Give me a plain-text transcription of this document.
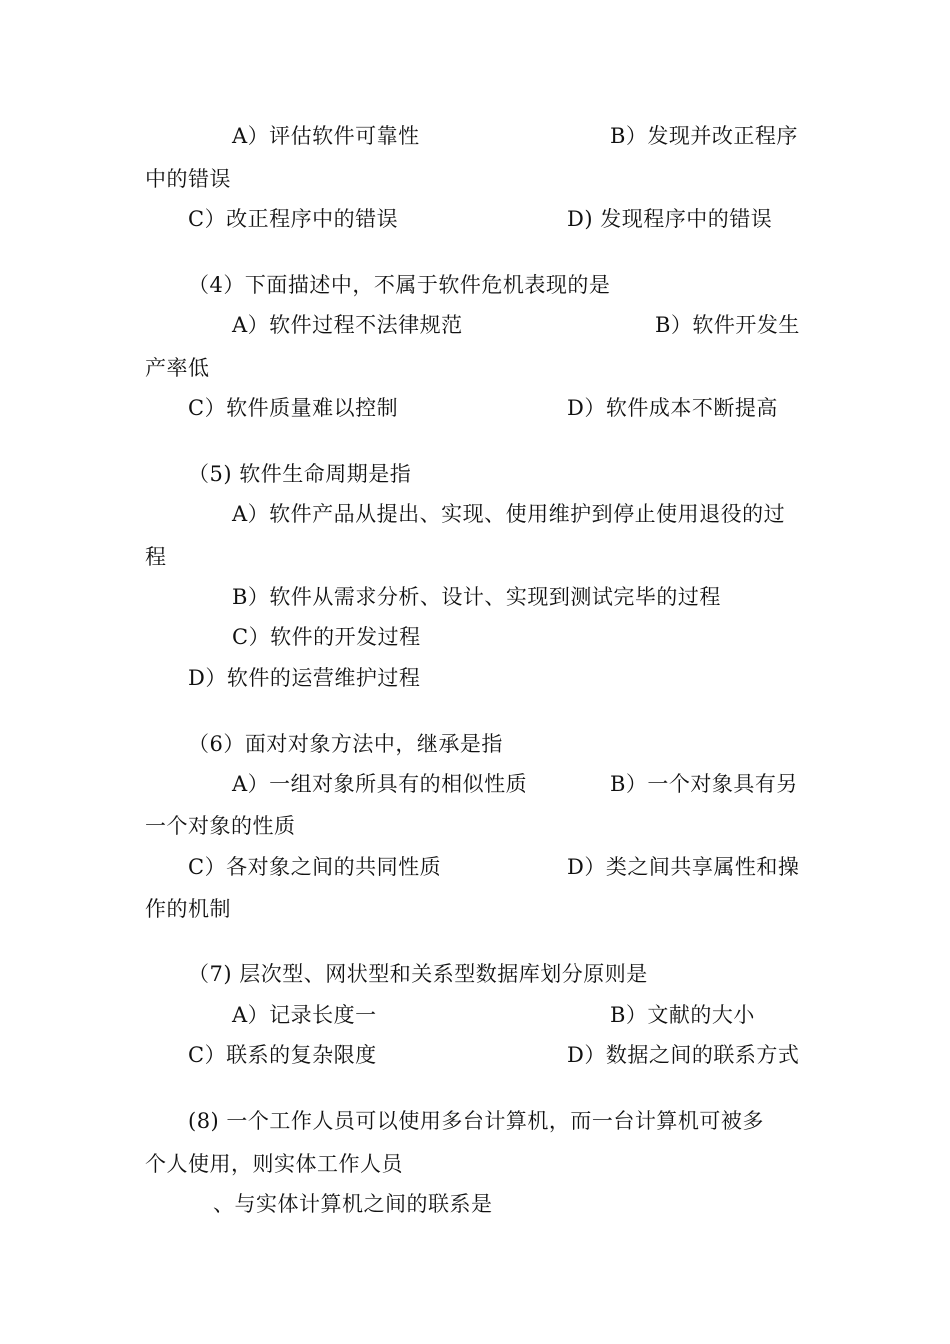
A）评估软件可靠性	B）发现并改正程序
中的错误
C）改正程序中的错误	D) 发现程序中的错误
（4）下面描述中，不属于软件危机表现的是
A）软件过程不法律规范	B）软件开发生
产率低
C）软件质量难以控制	D）软件成本不断提高
（5) 软件生命周期是指
A）软件产品从提出、实现、使用维护到停止使用退役的过
程
B）软件从需求分析、设计、实现到测试完毕的过程
C）软件的开发过程
D）软件的运营维护过程
（6）面对对象方法中，继承是指
A）一组对象所具有的相似性质	B）一个对象具有另
一个对象的性质
C）各对象之间的共同性质	D）类之间共享属性和操
作的机制
（7) 层次型、网状型和关系型数据库划分原则是
A）记录长度一	B）文献的大小
C）联系的复杂限度	D）数据之间的联系方式
(8) 一个工作人员可以使用多台计算机，而一台计算机可被多
个人使用，则实体工作人员
、与实体计算机之间的联系是
